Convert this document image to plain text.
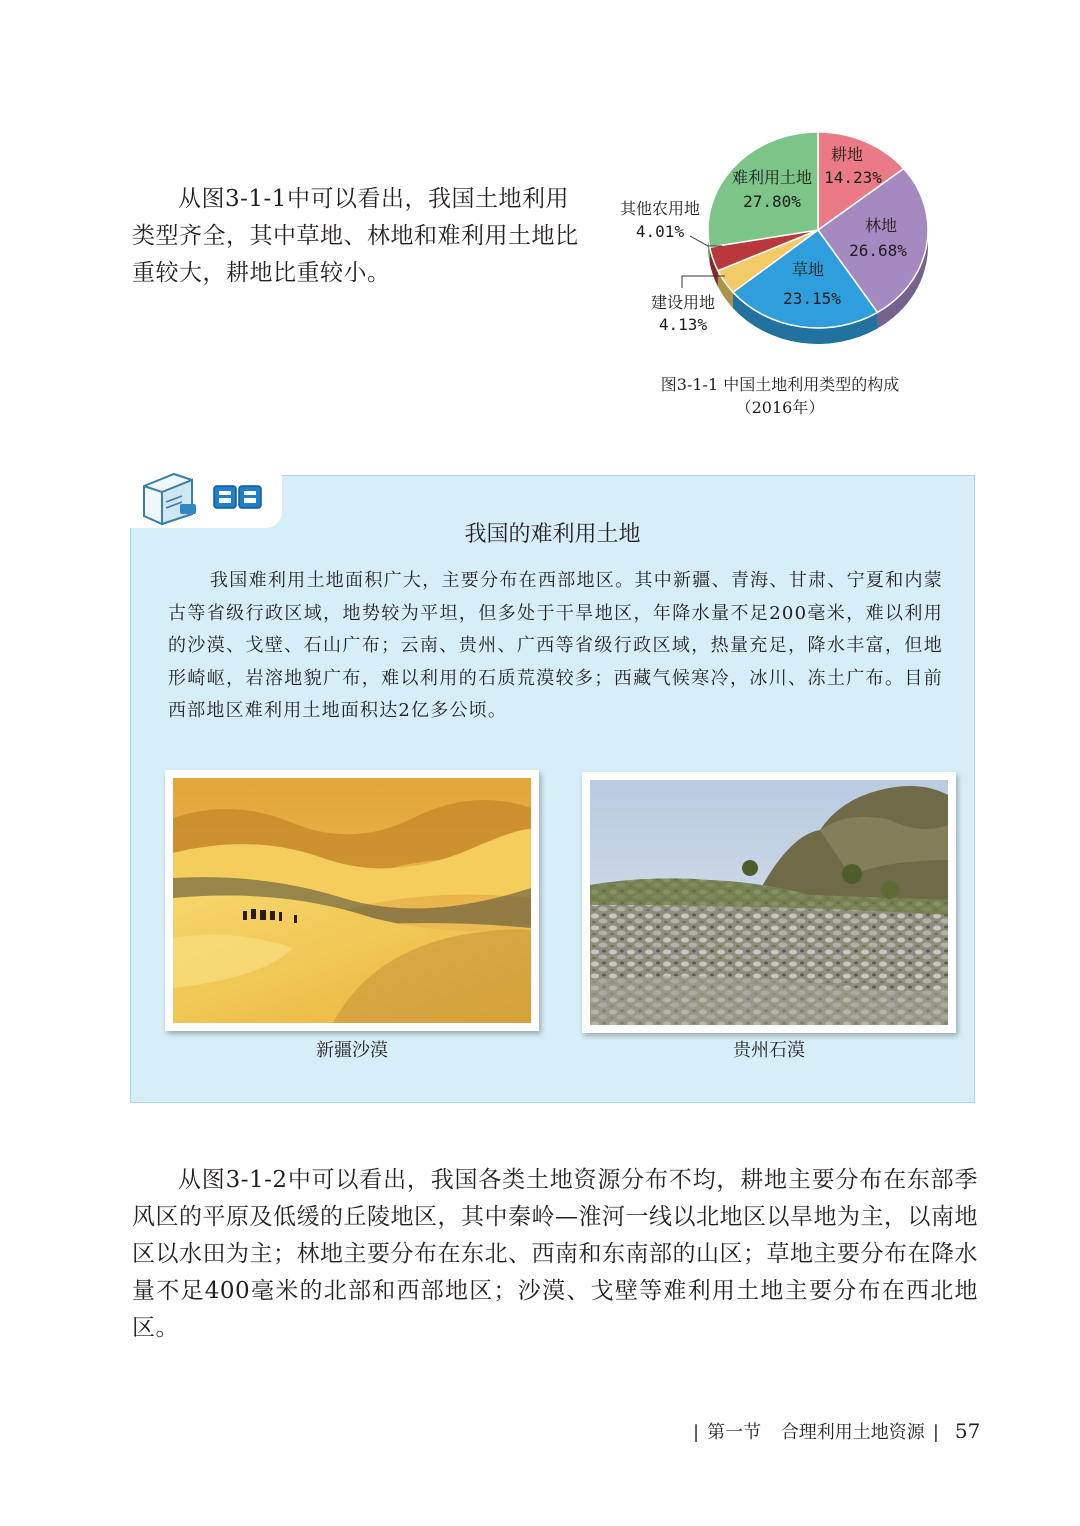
从图3-1-1中可以看出，我国土地利用类型齐全，其中草地、林地和难利用土地比重较大，耕地比重较小。
耕地
14.23%
林地
26.68%
草地
23.15%
建设用地
4.13%
其他农用地
4.01%
难利用土地
27.80%
图3-1-1 中国土地利用类型的构成
（2016年）
我国的难利用土地
我国难利用土地面积广大，主要分布在西部地区。其中新疆、青海、甘肃、宁夏和内蒙古等省级行政区域，地势较为平坦，但多处于干旱地区，年降水量不足200毫米，难以利用的沙漠、戈壁、石山广布；云南、贵州、广西等省级行政区域，热量充足，降水丰富，但地形崎岖，岩溶地貌广布，难以利用的石质荒漠较多；西藏气候寒冷，冰川、冻土广布。目前西部地区难利用土地面积达2亿多公顷。
新疆沙漠	贵州石漠
从图3-1-2中可以看出，我国各类土地资源分布不均，耕地主要分布在东部季风区的平原及低缓的丘陵地区，其中秦岭—淮河一线以北地区以旱地为主，以南地区以水田为主；林地主要分布在东北、西南和东南部的山区；草地主要分布在降水量不足400毫米的北部和西部地区；沙漠、戈壁等难利用土地主要分布在西北地区。
| 第一节 合理利用土地资源 | 57
